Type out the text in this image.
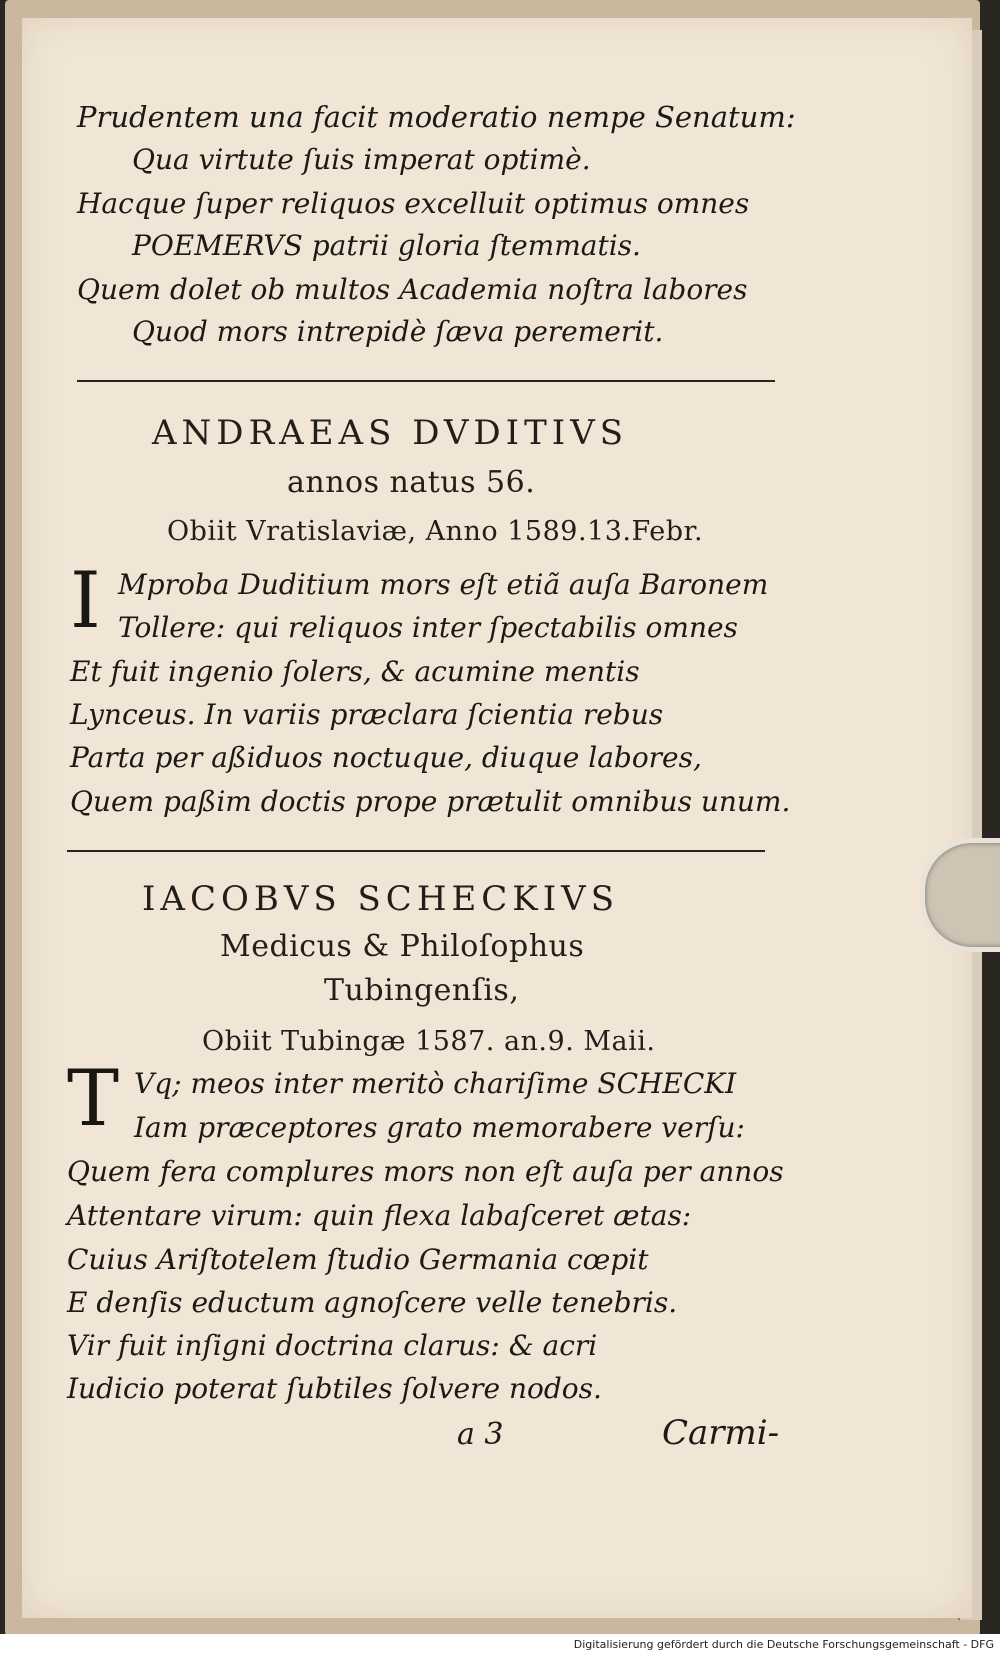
Prudentem una facit moderatio nempe Senatum:

Qua virtute ſuis imperat optimè.

Hacque ſuper reliquos excelluit optimus omnes

POEMERVS patrii gloria ſtemmatis.

Quem dolet ob multos Academia noſtra labores

Quod mors intrepidè ſæva peremerit.

ANDRAEAS DVDITIVS

annos natus 56.

Obiit Vratislaviæ, Anno 1589.13.Febr.

I Mproba Duditium mors eſt etiã auſa Baronem

Tollere: qui reliquos inter ſpectabilis omnes

Et fuit ingenio ſolers, & acumine mentis

Lynceus. In variis præclara ſcientia rebus

Parta per aßiduos noctuque, diuque labores,

Quem paßim doctis prope prætulit omnibus unum.

IACOBVS SCHECKIVS

Medicus & Philoſophus

Tubingenſis,

Obiit Tubingæ 1587. an.9. Maii.

T Vq; meos inter meritò chariſime SCHECKI

Iam præceptores grato memorabere verſu:

Quem fera complures mors non eſt auſa per annos

Attentare virum: quin flexa labaſceret ætas:

Cuius Ariſtotelem ſtudio Germania cœpit

E denſis eductum agnoſcere velle tenebris.

Vir fuit inſigni doctrina clarus: & acri

Iudicio poterat ſubtiles ſolvere nodos.

a 3	Carmi-

Digitalisierung gefördert durch die Deutsche Forschungsgemeinschaft - DFG
